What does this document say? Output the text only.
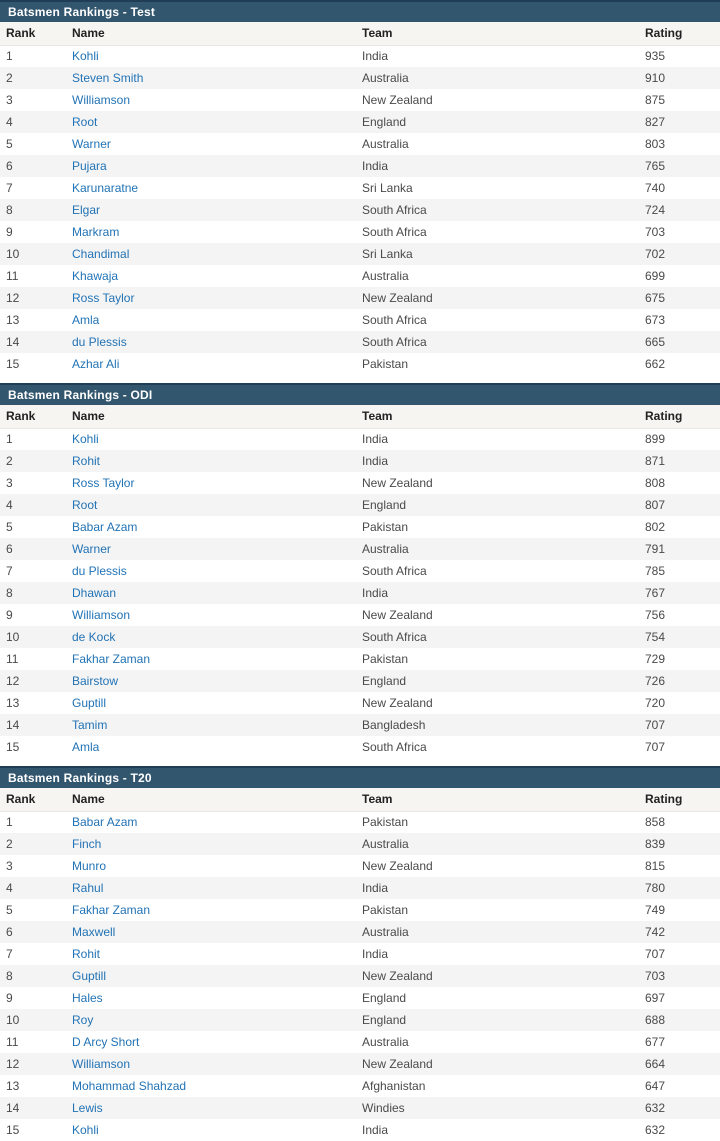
Batsmen Rankings - Test
Rank	Name	Team	Rating
1	Kohli	India	935
2	Steven Smith	Australia	910
3	Williamson	New Zealand	875
4	Root	England	827
5	Warner	Australia	803
6	Pujara	India	765
7	Karunaratne	Sri Lanka	740
8	Elgar	South Africa	724
9	Markram	South Africa	703
10	Chandimal	Sri Lanka	702
11	Khawaja	Australia	699
12	Ross Taylor	New Zealand	675
13	Amla	South Africa	673
14	du Plessis	South Africa	665
15	Azhar Ali	Pakistan	662
Batsmen Rankings - ODI
Rank	Name	Team	Rating
1	Kohli	India	899
2	Rohit	India	871
3	Ross Taylor	New Zealand	808
4	Root	England	807
5	Babar Azam	Pakistan	802
6	Warner	Australia	791
7	du Plessis	South Africa	785
8	Dhawan	India	767
9	Williamson	New Zealand	756
10	de Kock	South Africa	754
11	Fakhar Zaman	Pakistan	729
12	Bairstow	England	726
13	Guptill	New Zealand	720
14	Tamim	Bangladesh	707
15	Amla	South Africa	707
Batsmen Rankings - T20
Rank	Name	Team	Rating
1	Babar Azam	Pakistan	858
2	Finch	Australia	839
3	Munro	New Zealand	815
4	Rahul	India	780
5	Fakhar Zaman	Pakistan	749
6	Maxwell	Australia	742
7	Rohit	India	707
8	Guptill	New Zealand	703
9	Hales	England	697
10	Roy	England	688
11	D Arcy Short	Australia	677
12	Williamson	New Zealand	664
13	Mohammad Shahzad	Afghanistan	647
14	Lewis	Windies	632
15	Kohli	India	632
